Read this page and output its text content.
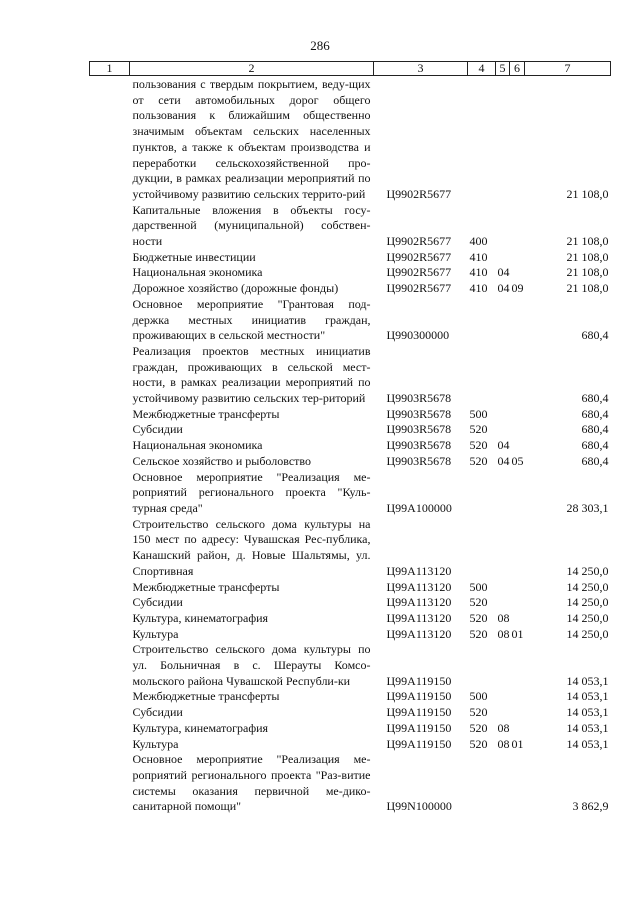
286
1	2	3	4	5	6	7
	пользования с твердым покрытием, веду-щих от сети автомобильных дорог общего пользования к ближайшим общественно значимым объектам сельских населенных пунктов, а также к объектам производства и переработки сельскохозяйственной про-дукции, в рамках реализации мероприятий по устойчивому развитию сельских террито-рий	Ц9902R5677				21 108,0
	Капитальные вложения в объекты госу-дарственной (муниципальной) собствен-ности	Ц9902R5677	400			21 108,0
	Бюджетные инвестиции	Ц9902R5677	410			21 108,0
	Национальная экономика	Ц9902R5677	410	04		21 108,0
	Дорожное хозяйство (дорожные фонды)	Ц9902R5677	410	04	09	21 108,0
	Основное мероприятие "Грантовая под-держка местных инициатив граждан, проживающих в сельской местности"	Ц990300000				680,4
	Реализация проектов местных инициатив граждан, проживающих в сельской мест-ности, в рамках реализации мероприятий по устойчивому развитию сельских тер-риторий	Ц9903R5678				680,4
	Межбюджетные трансферты	Ц9903R5678	500			680,4
	Субсидии	Ц9903R5678	520			680,4
	Национальная экономика	Ц9903R5678	520	04		680,4
	Сельское хозяйство и рыболовство	Ц9903R5678	520	04	05	680,4
	Основное мероприятие "Реализация ме-роприятий регионального проекта "Куль-турная среда"	Ц99A100000				28 303,1
	Строительство сельского дома культуры на 150 мест по адресу: Чувашская Рес-публика, Канашский район, д. Новые Шальтямы, ул. Спортивная	Ц99A113120				14 250,0
	Межбюджетные трансферты	Ц99A113120	500			14 250,0
	Субсидии	Ц99A113120	520			14 250,0
	Культура, кинематография	Ц99A113120	520	08		14 250,0
	Культура	Ц99A113120	520	08	01	14 250,0
	Строительство сельского дома культуры по ул. Больничная в с. Шерауты Комсо-мольского района Чувашской Республи-ки	Ц99A119150				14 053,1
	Межбюджетные трансферты	Ц99A119150	500			14 053,1
	Субсидии	Ц99A119150	520			14 053,1
	Культура, кинематография	Ц99A119150	520	08		14 053,1
	Культура	Ц99A119150	520	08	01	14 053,1
	Основное мероприятие "Реализация ме-роприятий регионального проекта "Раз-витие системы оказания первичной ме-дико-санитарной помощи"	Ц99N100000				3 862,9
